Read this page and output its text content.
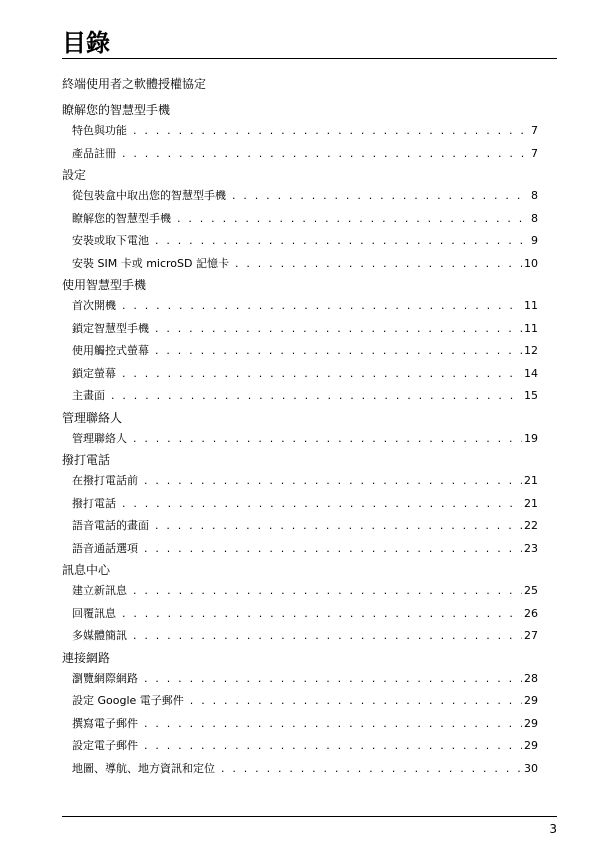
目錄
終端使用者之軟體授權協定
瞭解您的智慧型手機
特色與功能 . . .	7
產品註冊 . . .	7
設定
從包裝盒中取出您的智慧型手機 . . .	8
瞭解您的智慧型手機 . . .	8
安裝或取下電池 . . .	9
安裝 SIM 卡或 microSD 記憶卡 . . .	10
使用智慧型手機
首次開機 . . .	11
鎖定智慧型手機 . . .	11
使用觸控式螢幕 . . .	12
鎖定螢幕 . . .	14
主畫面 . . .	15
管理聯絡人
管理聯絡人 . . .	19
撥打電話
在撥打電話前 . . .	21
撥打電話 . . .	21
語音電話的畫面 . . .	22
語音通話選項 . . .	23
訊息中心
建立新訊息 . . .	25
回覆訊息 . . .	26
多媒體簡訊 . . .	27
連接網路
瀏覽網際網路 . . .	28
設定 Google 電子郵件 . . .	29
撰寫電子郵件 . . .	29
設定電子郵件 . . .	29
地圖、導航、地方資訊和定位 . . .	30
3
